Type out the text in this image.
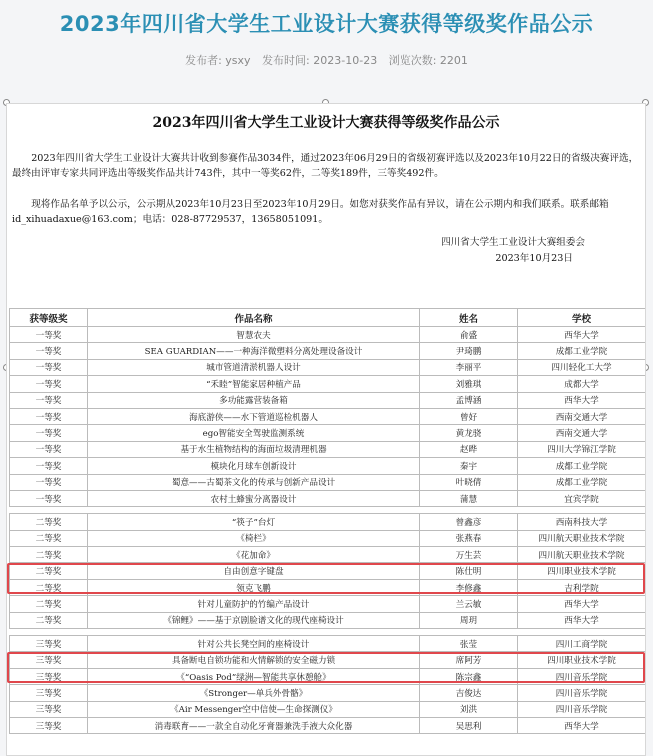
2023年四川省大学生工业设计大赛获得等级奖作品公示
发布者: ysxy 发布时间: 2023-10-23 浏览次数: 2201
2023年四川省大学生工业设计大赛获得等级奖作品公示
2023年四川省大学生工业设计大赛共计收到参赛作品3034件，通过2023年06月29日的省级初赛评选以及2023年10月22日的省级决赛评选，最终由评审专家共同评选出等级奖作品共计743件，其中一等奖62件，二等奖189件，三等奖492件。
现将作品名单予以公示，公示期从2023年10月23日至2023年10月29日。如您对获奖作品有异议，请在公示期内和我们联系。联系邮箱id_xihuadaxue@163.com；电话：028-87729537，13658051091。
四川省大学生工业设计大赛组委会
2023年10月23日
获等级奖	作品名称	姓名	学校
一等奖	智慧农夫	俞盛	西华大学
一等奖	SEA GUARDIAN——一种海洋微塑料分离处理设备设计	尹琦鹏	成都工业学院
一等奖	城市管道清淤机器人设计	李丽平	四川轻化工大学
一等奖	“禾睦”智能家居种植产品	刘雅琪	成都大学
一等奖	多功能露营装备箱	孟博涵	西华大学
一等奖	海底游侠——水下管道巡检机器人	曾好	西南交通大学
一等奖	ego智能安全驾驶监测系统	黄龙骁	西南交通大学
一等奖	基于水生植物结构的海面垃圾清理机器	赵晔	四川大学锦江学院
一等奖	模块化月球车创新设计	秦宇	成都工业学院
一等奖	蜀意——古蜀茶文化的传承与创新产品设计	叶晓倩	成都工业学院
一等奖	农村土蜂蜜分离器设计	蒲慧	宜宾学院

二等奖	“筷子”台灯	曾鑫彦	西南科技大学
二等奖	《椅栏》	张燕春	四川航天职业技术学院
二等奖	《花加命》	万生芸	四川航天职业技术学院
二等奖	自由创意字键盘	陈仕明	四川职业技术学院
二等奖	领克飞鹏	李修鑫	吉利学院
二等奖	针对儿童防护的竹编产品设计	兰云敏	西华大学
二等奖	《锦鲤》——基于京剧脸谱文化的现代座椅设计	周玥	西华大学

三等奖	针对公共长凳空间的座椅设计	张莹	四川工商学院
三等奖	具备断电自锁功能和火情解锁的安全磁力锁	席阿芳	四川职业技术学院
三等奖	《“Oasis Pod”绿洲—智能共享休憩舱》	陈宗鑫	四川音乐学院
三等奖	《Stronger—单兵外骨骼》	吉俊达	四川音乐学院
三等奖	《Air Messenger空中信使—生命探测仪》	刘洪	四川音乐学院
三等奖	消毒联育——一款全自动化牙膏器兼洗手液大众化器	吴思利	西华大学
